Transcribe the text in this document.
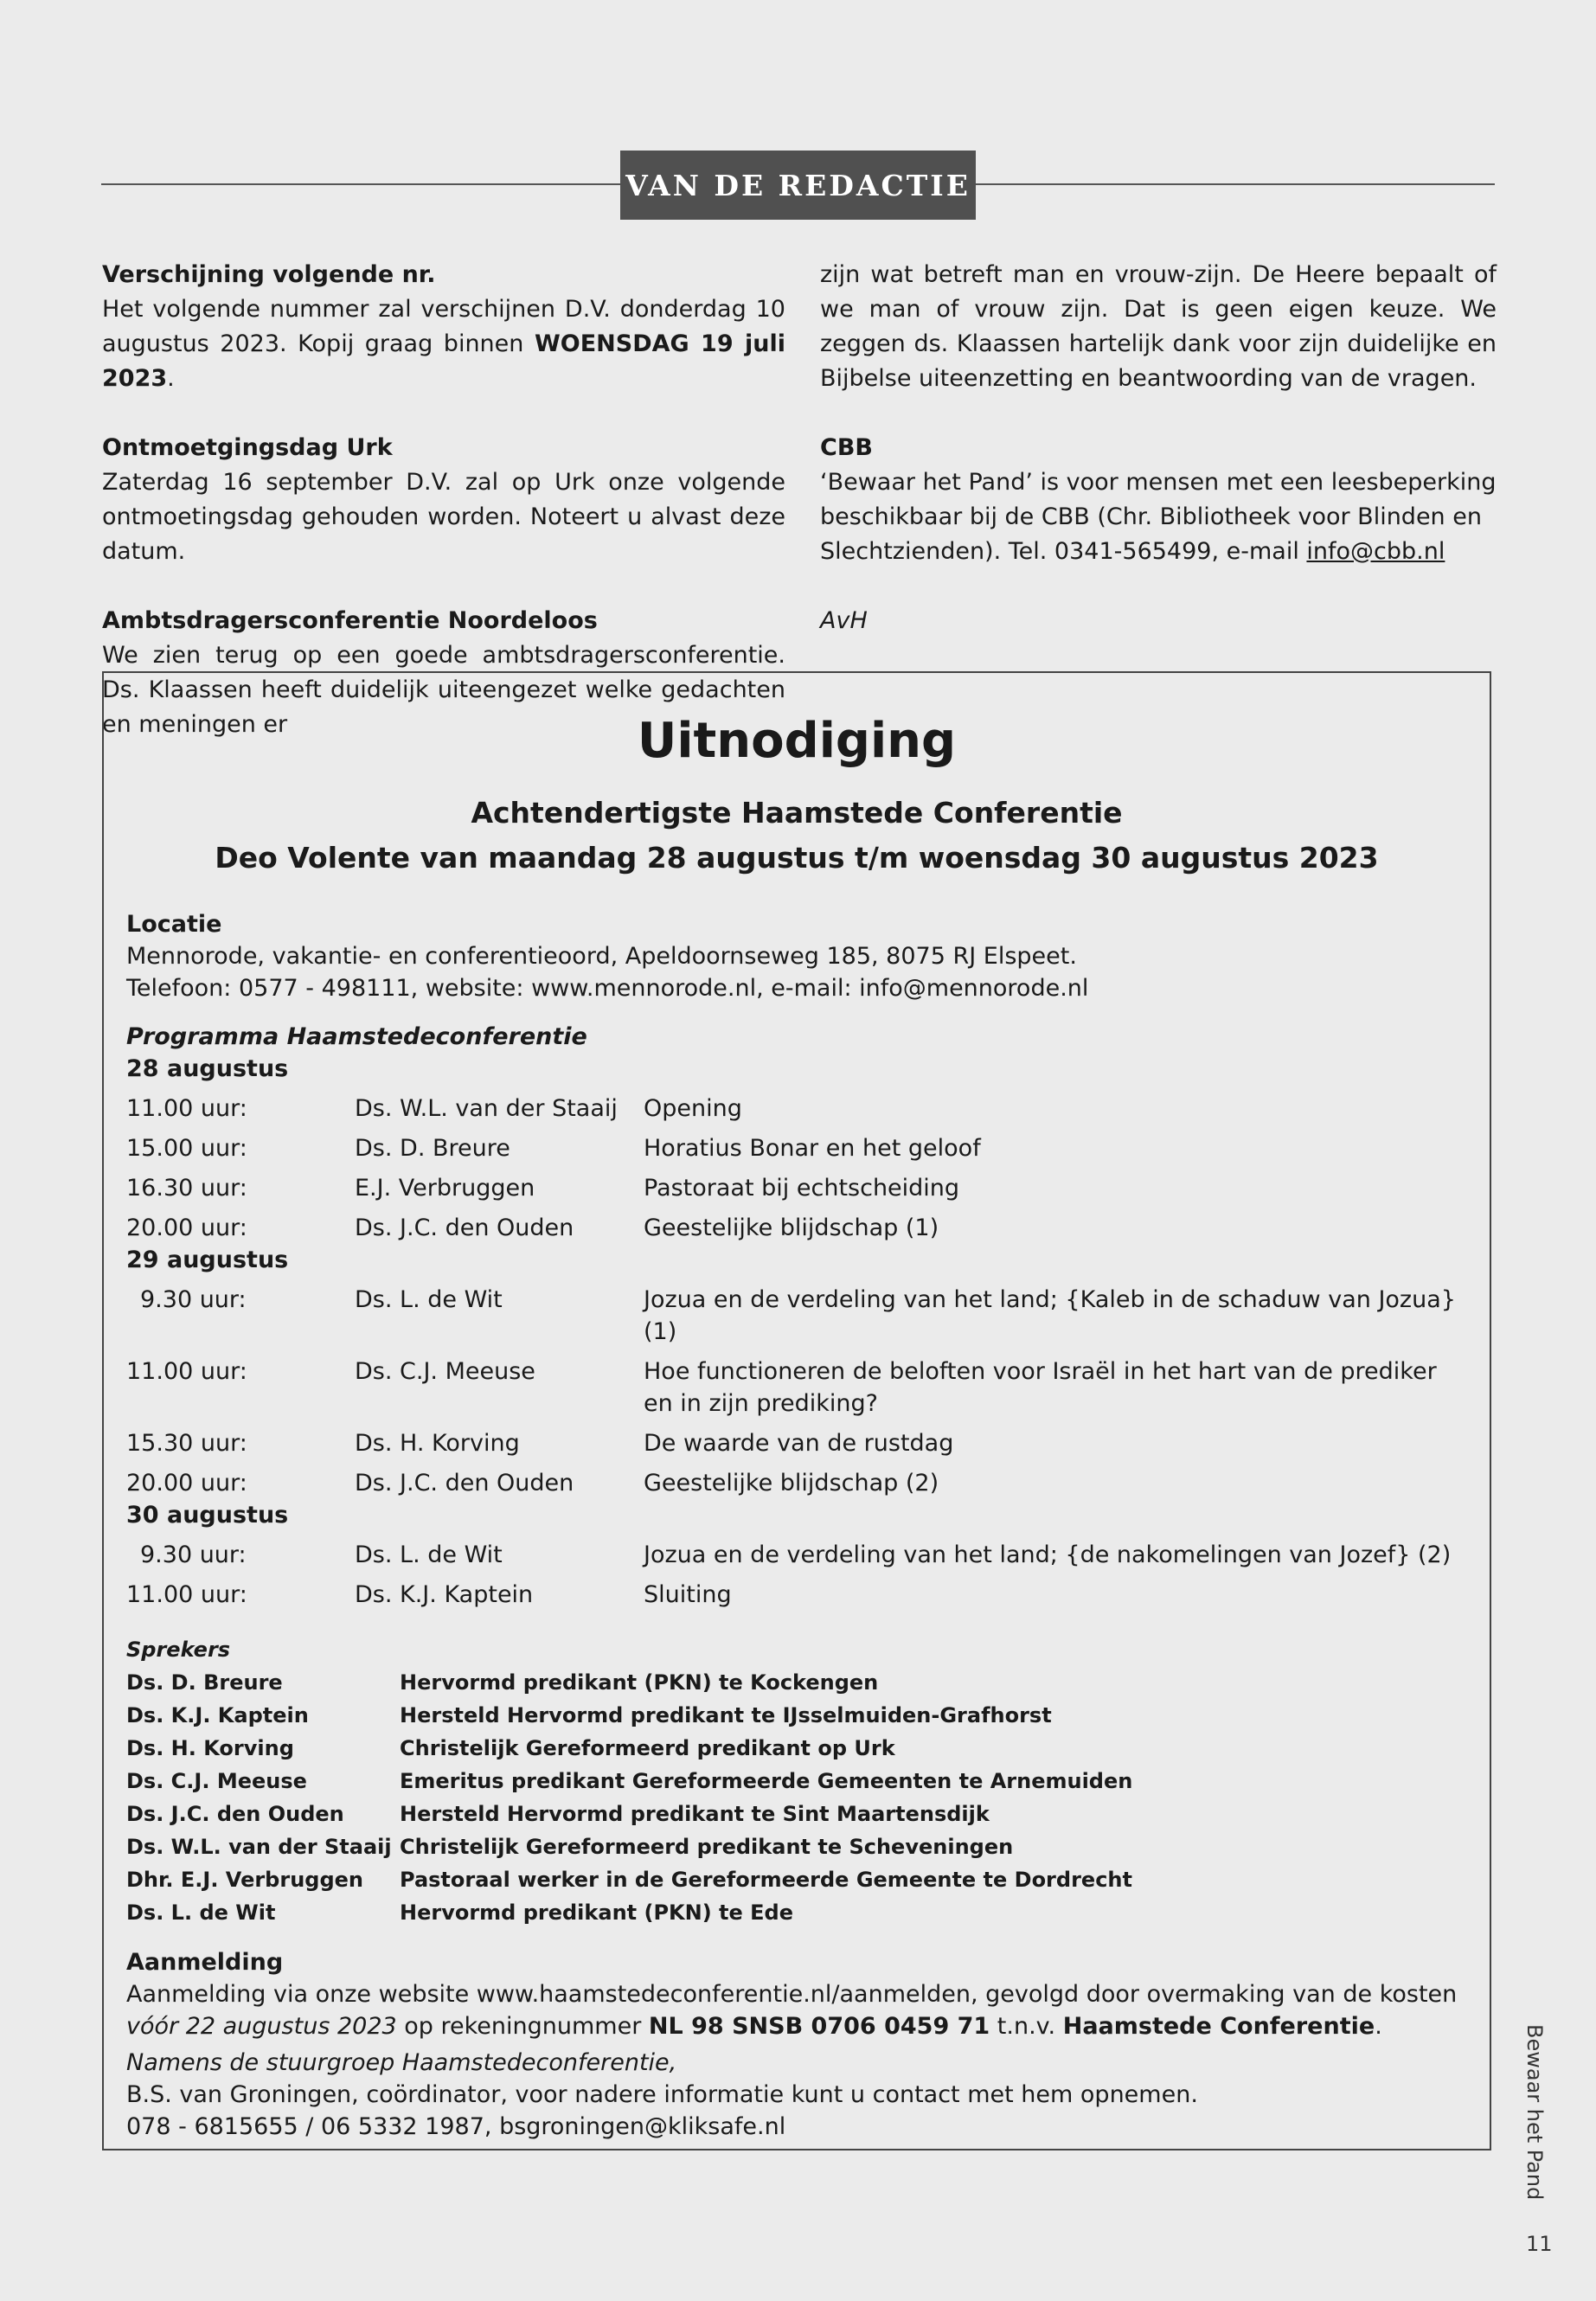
VAN DE REDACTIE

Verschijning volgende nr.

Het volgende nummer zal verschijnen D.V. donderdag 10 augustus 2023. Kopij graag binnen WOENSDAG 19 juli 2023.

Ontmoetgingsdag Urk

Zaterdag 16 september D.V. zal op Urk onze volgende ontmoetingsdag gehouden worden. Noteert u alvast deze datum.

Ambtsdragersconferentie Noordeloos

We zien terug op een goede ambtsdragersconferentie. Ds. Klaassen heeft duidelijk uiteengezet welke gedachten en meningen er

zijn wat betreft man en vrouw-zijn. De Heere bepaalt of we man of vrouw zijn. Dat is geen eigen keuze. We zeggen ds. Klaassen hartelijk dank voor zijn duidelijke en Bijbelse uiteenzetting en beantwoording van de vragen.

CBB

‘Bewaar het Pand’ is voor mensen met een leesbeperking beschikbaar bij de CBB (Chr. Bibliotheek voor Blinden en Slechtzienden). Tel. 0341-565499, e-mail info@cbb.nl

AvH

Uitnodiging
Achtendertigste Haamstede Conferentie
Deo Volente van maandag 28 augustus t/m woensdag 30 augustus 2023

Locatie

Mennorode, vakantie- en conferentieoord, Apeldoornseweg 185, 8075 RJ Elspeet.

Telefoon: 0577 - 498111, website: www.mennorode.nl, e-mail: info@mennorode.nl

Programma Haamstedeconferentie

28 augustus

11.00 uur:	Ds. W.L. van der Staaij	Opening
15.00 uur:	Ds. D. Breure	Horatius Bonar en het geloof
16.30 uur:	E.J. Verbruggen	Pastoraat bij echtscheiding
20.00 uur:	Ds. J.C. den Ouden	Geestelijke blijdschap (1)

29 augustus

9.30 uur:	Ds. L. de Wit	Jozua en de verdeling van het land; {Kaleb in de schaduw van Jozua} (1)
11.00 uur:	Ds. C.J. Meeuse	Hoe functioneren de beloften voor Israël in het hart van de prediker
en in zijn prediking?
15.30 uur:	Ds. H. Korving	De waarde van de rustdag
20.00 uur:	Ds. J.C. den Ouden	Geestelijke blijdschap (2)

30 augustus

9.30 uur:	Ds. L. de Wit	Jozua en de verdeling van het land; {de nakomelingen van Jozef} (2)
11.00 uur:	Ds. K.J. Kaptein	Sluiting
Sprekers
Ds. D. Breure	Hervormd predikant (PKN) te Kockengen
Ds. K.J. Kaptein	Hersteld Hervormd predikant te IJsselmuiden-Grafhorst
Ds. H. Korving	Christelijk Gereformeerd predikant op Urk
Ds. C.J. Meeuse	Emeritus predikant Gereformeerde Gemeenten te Arnemuiden
Ds. J.C. den Ouden	Hersteld Hervormd predikant te Sint Maartensdijk
Ds. W.L. van der Staaij Christelijk Gereformeerd predikant te Scheveningen
Dhr. E.J. Verbruggen	Pastoraal werker in de Gereformeerde Gemeente te Dordrecht
Ds. L. de Wit	Hervormd predikant (PKN) te Ede

Aanmelding

Aanmelding via onze website www.haamstedeconferentie.nl/aanmelden, gevolgd door overmaking van de kosten

vóór 22 augustus 2023 op rekeningnummer NL 98 SNSB 0706 0459 71 t.n.v. Haamstede Conferentie.

Namens de stuurgroep Haamstedeconferentie,

B.S. van Groningen, coördinator, voor nadere informatie kunt u contact met hem opnemen.

078 - 6815655 / 06 5332 1987, bsgroningen@kliksafe.nl	Bewaar het Pand
11
